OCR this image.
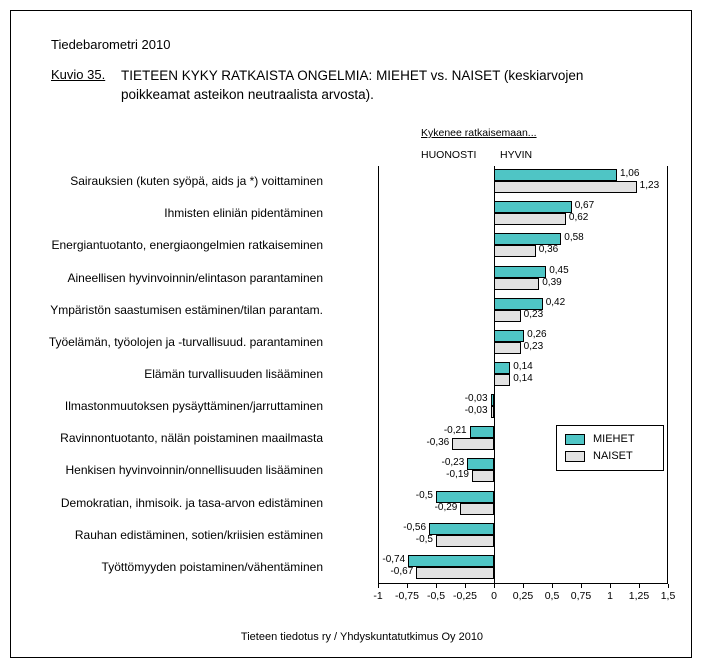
Tiedebarometri 2010
Kuvio 35. TIETEEN KYKY RATKAISTA ONGELMIA: MIEHET vs. NAISET (keskiarvojen poikkeamat asteikon neutraalista arvosta).
Kykenee ratkaisemaan...
HUONOSTI HYVIN
-1 -0,75 -0,5 -0,25 0 0,25 0,5 0,75 1 1,25 1,5
Sairauksien (kuten syöpä, aids ja *) voittaminen
1,06
1,23
Ihmisten eliniän pidentäminen
0,67
0,62
Energiantuotanto, energiaongelmien ratkaiseminen
0,58
0,36
Aineellisen hyvinvoinnin/elintason parantaminen
0,45
0,39
Ympäristön saastumisen estäminen/tilan parantam.
0,42
0,23
Työelämän, työolojen ja -turvallisuud. parantaminen
0,26
0,23
Elämän turvallisuuden lisääminen
0,14
0,14
Ilmastonmuutoksen pysäyttäminen/jarruttaminen
-0,03
-0,03
Ravinnontuotanto, nälän poistaminen maailmasta
-0,21
-0,36
Henkisen hyvinvoinnin/onnellisuuden lisääminen
-0,23
-0,19
Demokratian, ihmisoik. ja tasa-arvon edistäminen
-0,5
-0,29
Rauhan edistäminen, sotien/kriisien estäminen
-0,56
-0,5
Työttömyyden poistaminen/vähentäminen
-0,74
-0,67
MIEHET
NAISET
Tieteen tiedotus ry / Yhdyskuntatutkimus Oy 2010
